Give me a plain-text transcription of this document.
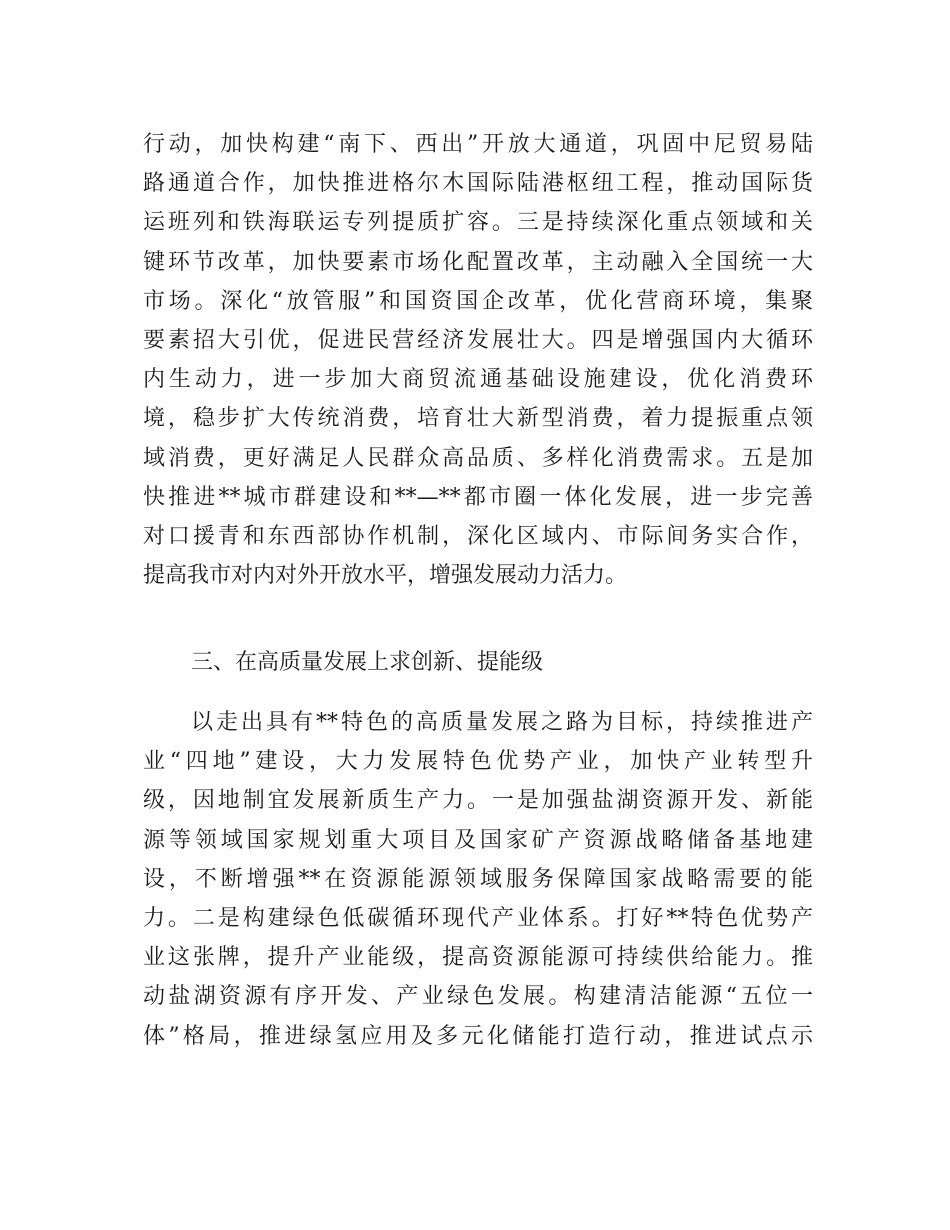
行动，加快构建“南下、西出”开放大通道，巩固中尼贸易陆
路通道合作，加快推进格尔木国际陆港枢纽工程，推动国际货
运班列和铁海联运专列提质扩容。三是持续深化重点领域和关
键环节改革，加快要素市场化配置改革，主动融入全国统一大
市场。深化“放管服”和国资国企改革，优化营商环境，集聚
要素招大引优，促进民营经济发展壮大。四是增强国内大循环
内生动力，进一步加大商贸流通基础设施建设，优化消费环
境，稳步扩大传统消费，培育壮大新型消费，着力提振重点领
域消费，更好满足人民群众高品质、多样化消费需求。五是加
快推进**城市群建设和**—**都市圈一体化发展，进一步完善
对口援青和东西部协作机制，深化区域内、市际间务实合作，
提高我市对内对外开放水平，增强发展动力活力。
三、在高质量发展上求创新、提能级
以走出具有**特色的高质量发展之路为目标，持续推进产
业“四地”建设，大力发展特色优势产业，加快产业转型升
级，因地制宜发展新质生产力。一是加强盐湖资源开发、新能
源等领域国家规划重大项目及国家矿产资源战略储备基地建
设，不断增强**在资源能源领域服务保障国家战略需要的能
力。二是构建绿色低碳循环现代产业体系。打好**特色优势产
业这张牌，提升产业能级，提高资源能源可持续供给能力。推
动盐湖资源有序开发、产业绿色发展。构建清洁能源“五位一
体”格局，推进绿氢应用及多元化储能打造行动，推进试点示
